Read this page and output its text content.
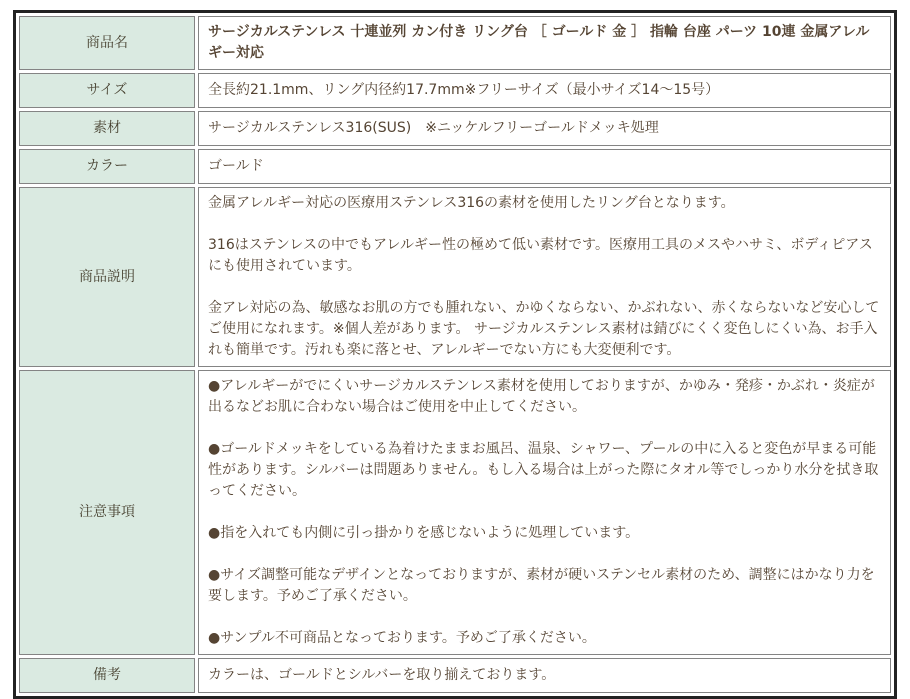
商品名	サージカルステンレス 十連並列 カン付き リング台 ［ ゴールド 金 ］ 指輪 台座 パーツ 10連 金属アレルギー対応

サイズ	全長約21.1mm、リング内径約17.7mm※フリーサイズ（最小サイズ14〜15号）

素材	サージカルステンレス316(SUS)　※ニッケルフリーゴールドメッキ処理

カラー	ゴールド

商品説明	金属アレルギー対応の医療用ステンレス316の素材を使用したリング台となります。

316はステンレスの中でもアレルギー性の極めて低い素材です。医療用工具のメスやハサミ、ボディピアスにも使用されています。

金アレ対応の為、敏感なお肌の方でも腫れない、かゆくならない、かぶれない、赤くならないなど安心してご使用になれます。※個人差があります。 サージカルステンレス素材は錆びにくく変色しにくい為、お手入れも簡単です。汚れも楽に落とせ、アレルギーでない方にも大変便利です。

注意事項	●アレルギーがでにくいサージカルステンレス素材を使用しておりますが、かゆみ・発疹・かぶれ・炎症が出るなどお肌に合わない場合はご使用を中止してください。

●ゴールドメッキをしている為着けたままお風呂、温泉、シャワー、プールの中に入ると変色が早まる可能性があります。シルバーは問題ありません。もし入る場合は上がった際にタオル等でしっかり水分を拭き取ってください。

●指を入れても内側に引っ掛かりを感じないように処理しています。

●サイズ調整可能なデザインとなっておりますが、素材が硬いステンセル素材のため、調整にはかなり力を要します。予めご了承ください。

●サンプル不可商品となっております。予めご了承ください。

備考	カラーは、ゴールドとシルバーを取り揃えております。
